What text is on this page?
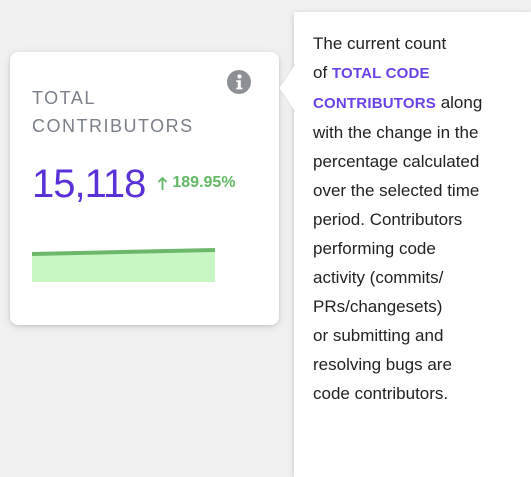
TOTAL
CONTRIBUTORS
15,118 189.95%
The current count
of TOTAL CODE
CONTRIBUTORS along
with the change in the
percentage calculated
over the selected time
period. Contributors
performing code
activity (commits/
PRs/changesets)
or submitting and
resolving bugs are
code contributors.
